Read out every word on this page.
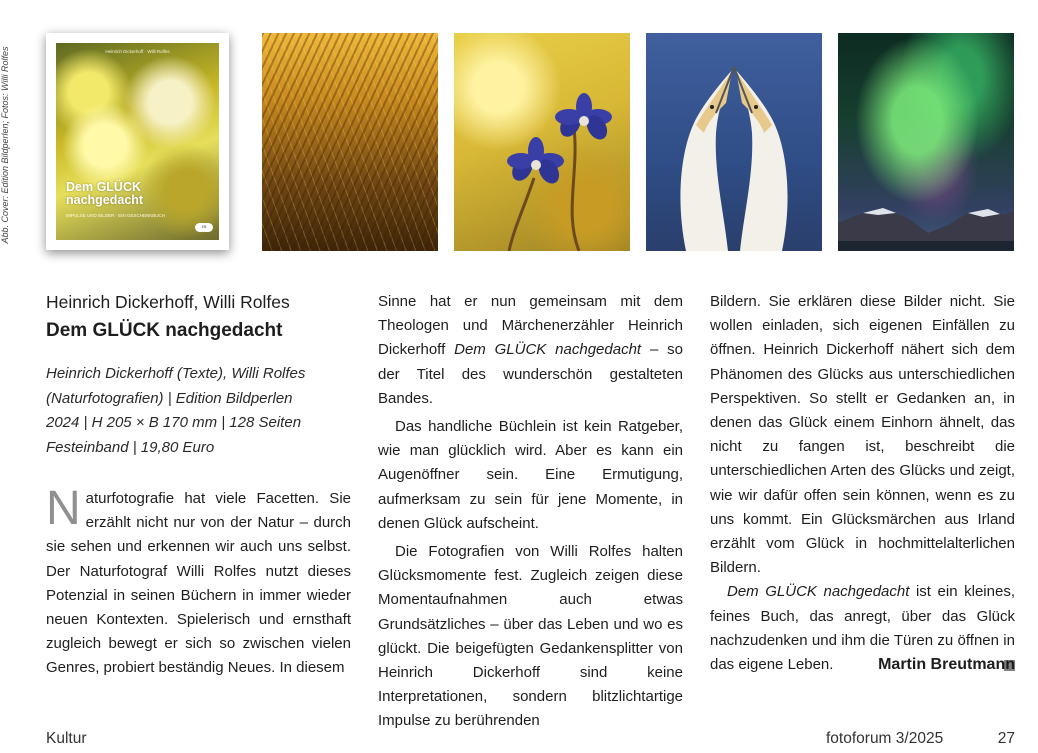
Abb. Cover: Edition Bildperlen; Fotos: Willi Rolfes	Heinrich Dickerhoff · Willi Rolfes
Dem GLÜCK
nachgedacht
IMPULSE UND BILDER · EIN GESCHENKBUCH
EB
Heinrich Dickerhoff, Willi Rolfes
Dem GLÜCK nachgedacht
Heinrich Dickerhoff (Texte), Willi Rolfes
(Naturfotografien) | Edition Bildperlen
2024 | H 205 × B 170 mm | 128 Seiten
Festeinband | 19,80 Euro

Naturfotografie hat viele Facetten. Sie erzählt nicht nur von der Natur – durch sie sehen und erkennen wir auch uns selbst. Der Naturfotograf Willi Rolfes nutzt dieses Potenzial in seinen Büchern in immer wieder neuen Kontexten. Spielerisch und ernsthaft zugleich bewegt er sich so zwischen vielen Genres, probiert beständig Neues. In diesem

Sinne hat er nun gemeinsam mit dem Theologen und Märchenerzähler Heinrich Dickerhoff Dem GLÜCK nachgedacht – so der Titel des wunderschön gestalteten Bandes.

Das handliche Büchlein ist kein Ratgeber, wie man glücklich wird. Aber es kann ein Augenöffner sein. Eine Ermutigung, aufmerksam zu sein für jene Momente, in denen Glück aufscheint.

Die Fotografien von Willi Rolfes halten Glücksmomente fest. Zugleich zeigen diese Momentaufnahmen auch etwas Grundsätzliches – über das Leben und wo es glückt. Die beigefügten Gedankensplitter von Heinrich Dickerhoff sind keine Interpretationen, sondern blitzlichtartige Impulse zu berührenden

Bildern. Sie erklären diese Bilder nicht. Sie wollen einladen, sich eigenen Einfällen zu öffnen. Heinrich Dickerhoff nähert sich dem Phänomen des Glücks aus unterschiedlichen Perspektiven. So stellt er Gedanken an, in denen das Glück einem Einhorn ähnelt, das nicht zu fangen ist, beschreibt die unterschiedlichen Arten des Glücks und zeigt, wie wir dafür offen sein können, wenn es zu uns kommt. Ein Glücksmärchen aus Irland erzählt vom Glück in hochmittelalterlichen Bildern.

Dem GLÜCK nachgedacht ist ein kleines, feines Buch, das anregt, über das Glück nachzudenken und ihm die Türen zu öffnen in das eigene Leben.	Martin Breutmann
Kultur	fotoforum 3/2025	27
